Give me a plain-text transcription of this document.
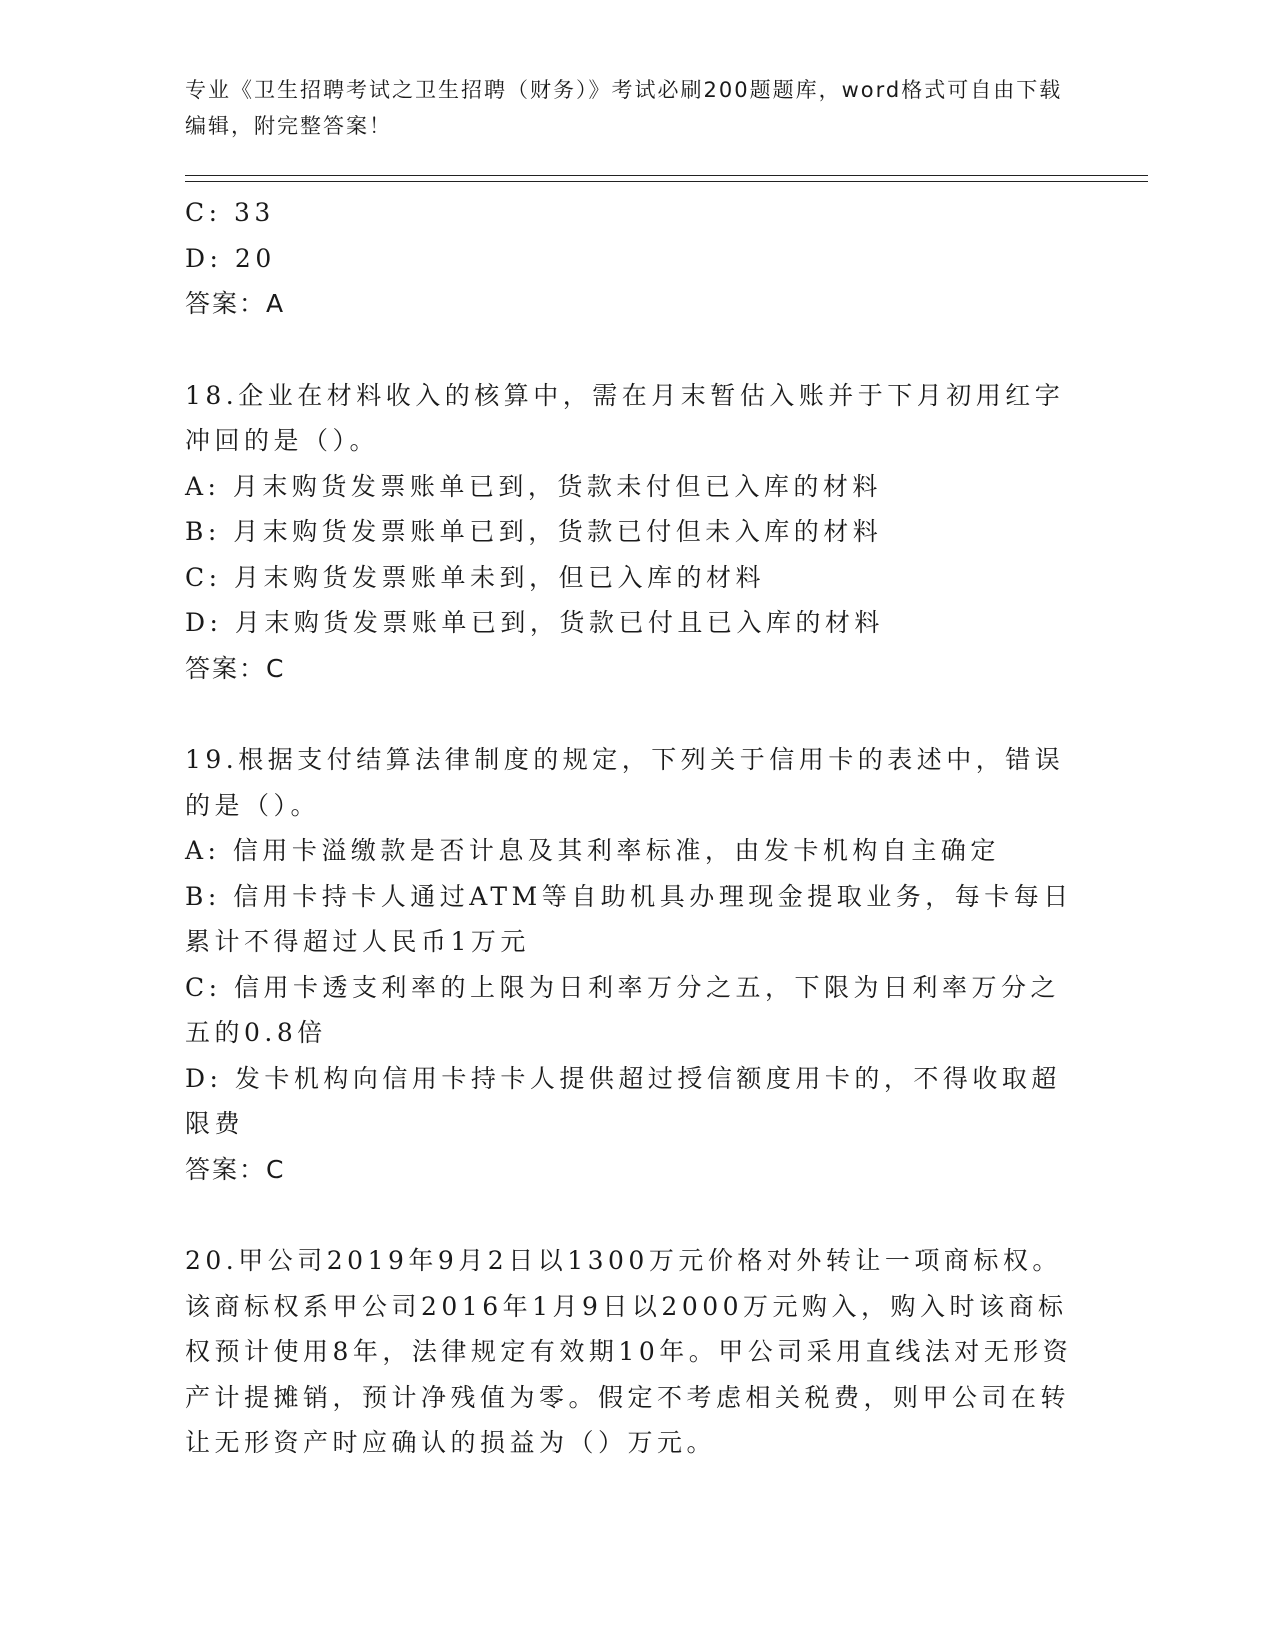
专业《卫生招聘考试之卫生招聘（财务）》考试必刷200题题库，word格式可自由下载编辑，附完整答案！

C: 33

D: 20

答案：A

18.企业在材料收入的核算中，需在月末暂估入账并于下月初用红字冲回的是（）。

A: 月末购货发票账单已到，货款未付但已入库的材料

B: 月末购货发票账单已到，货款已付但未入库的材料

C: 月末购货发票账单未到，但已入库的材料

D: 月末购货发票账单已到，货款已付且已入库的材料

答案：C

19.根据支付结算法律制度的规定，下列关于信用卡的表述中，错误的是（）。

A: 信用卡溢缴款是否计息及其利率标准，由发卡机构自主确定

B: 信用卡持卡人通过ATM等自助机具办理现金提取业务，每卡每日累计不得超过人民币1万元

C: 信用卡透支利率的上限为日利率万分之五，下限为日利率万分之五的0.8倍

D: 发卡机构向信用卡持卡人提供超过授信额度用卡的，不得收取超限费

答案：C

20.甲公司2019年9月2日以1300万元价格对外转让一项商标权。该商标权系甲公司2016年1月9日以2000万元购入，购入时该商标权预计使用8年，法律规定有效期10年。甲公司采用直线法对无形资产计提摊销，预计净残值为零。假定不考虑相关税费，则甲公司在转让无形资产时应确认的损益为（）万元。
